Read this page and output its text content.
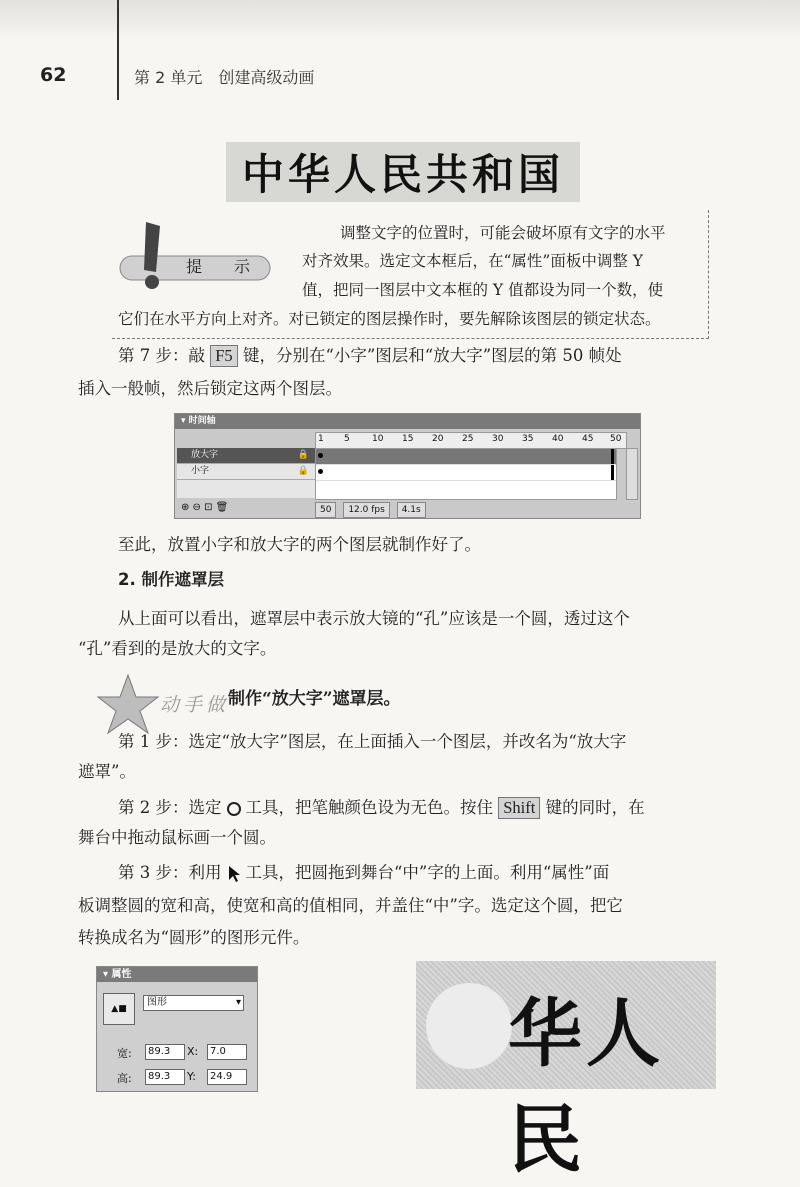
62	第 2 单元　创建高级动画
中华人民共和国
提　示
调整文字的位置时，可能会破坏原有文字的水平
对齐效果。选定文本框后，在“属性”面板中调整 Y
值，把同一图层中文本框的 Y 值都设为同一个数，使
它们在水平方向上对齐。对已锁定的图层操作时，要先解除该图层的锁定状态。
第 7 步：敲 F5 键，分别在“小字”图层和“放大字”图层的第 50 帧处
插入一般帧，然后锁定这两个图层。
▾ 时间轴
1 5 10 15 20 25 30 35 40 45 50
放大字	🔒
小字	🔒
⊕ ⊖ ⊡ 🗑	50 12.0 fps 4.1s
至此，放置小字和放大字的两个图层就制作好了。
2. 制作遮罩层
从上面可以看出，遮罩层中表示放大镜的“孔”应该是一个圆，透过这个
“孔”看到的是放大的文字。
动手做
制作“放大字”遮罩层。
第 1 步：选定“放大字”图层，在上面插入一个图层，并改名为“放大字
遮罩”。
第 2 步：选定 工具，把笔触颜色设为无色。按住 Shift 键的同时，在
舞台中拖动鼠标画一个圆。
第 3 步：利用 工具，把圆拖到舞台“中”字的上面。利用“属性”面
板调整圆的宽和高，使宽和高的值相同，并盖住“中”字。选定这个圆，把它
转换成名为“圆形”的图形元件。
▾ 属性
▲■
图形 ▾
宽:	89.3	X:	7.0
高:	89.3	Y:	24.9	华人民
